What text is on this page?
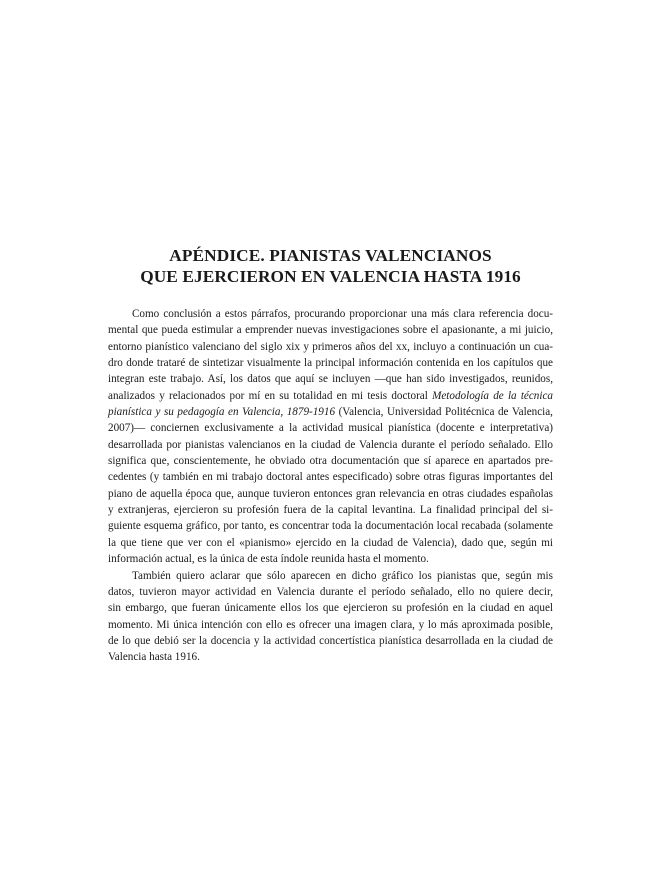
APÉNDICE. PIANISTAS VALENCIANOS
QUE EJERCIERON EN VALENCIA HASTA 1916
Como conclusión a estos párrafos, procurando proporcionar una más clara referencia docu-
mental que pueda estimular a emprender nuevas investigaciones sobre el apasionante, a mi juicio,
entorno pianístico valenciano del siglo xix y primeros años del xx, incluyo a continuación un cua-
dro donde trataré de sintetizar visualmente la principal información contenida en los capítulos que
integran este trabajo. Así, los datos que aquí se incluyen —que han sido investigados, reunidos,
analizados y relacionados por mí en su totalidad en mi tesis doctoral Metodología de la técnica
pianística y su pedagogía en Valencia, 1879-1916 (Valencia, Universidad Politécnica de Valencia,
2007)— conciernen exclusivamente a la actividad musical pianística (docente e interpretativa)
desarrollada por pianistas valencianos en la ciudad de Valencia durante el período señalado. Ello
significa que, conscientemente, he obviado otra documentación que sí aparece en apartados pre-
cedentes (y también en mi trabajo doctoral antes especificado) sobre otras figuras importantes del
piano de aquella época que, aunque tuvieron entonces gran relevancia en otras ciudades españolas
y extranjeras, ejercieron su profesión fuera de la capital levantina. La finalidad principal del si-
guiente esquema gráfico, por tanto, es concentrar toda la documentación local recabada (solamente
la que tiene que ver con el «pianismo» ejercido en la ciudad de Valencia), dado que, según mi
información actual, es la única de esta índole reunida hasta el momento.
También quiero aclarar que sólo aparecen en dicho gráfico los pianistas que, según mis
datos, tuvieron mayor actividad en Valencia durante el período señalado, ello no quiere decir,
sin embargo, que fueran únicamente ellos los que ejercieron su profesión en la ciudad en aquel
momento. Mi única intención con ello es ofrecer una imagen clara, y lo más aproximada posible,
de lo que debió ser la docencia y la actividad concertística pianística desarrollada en la ciudad de
Valencia hasta 1916.
